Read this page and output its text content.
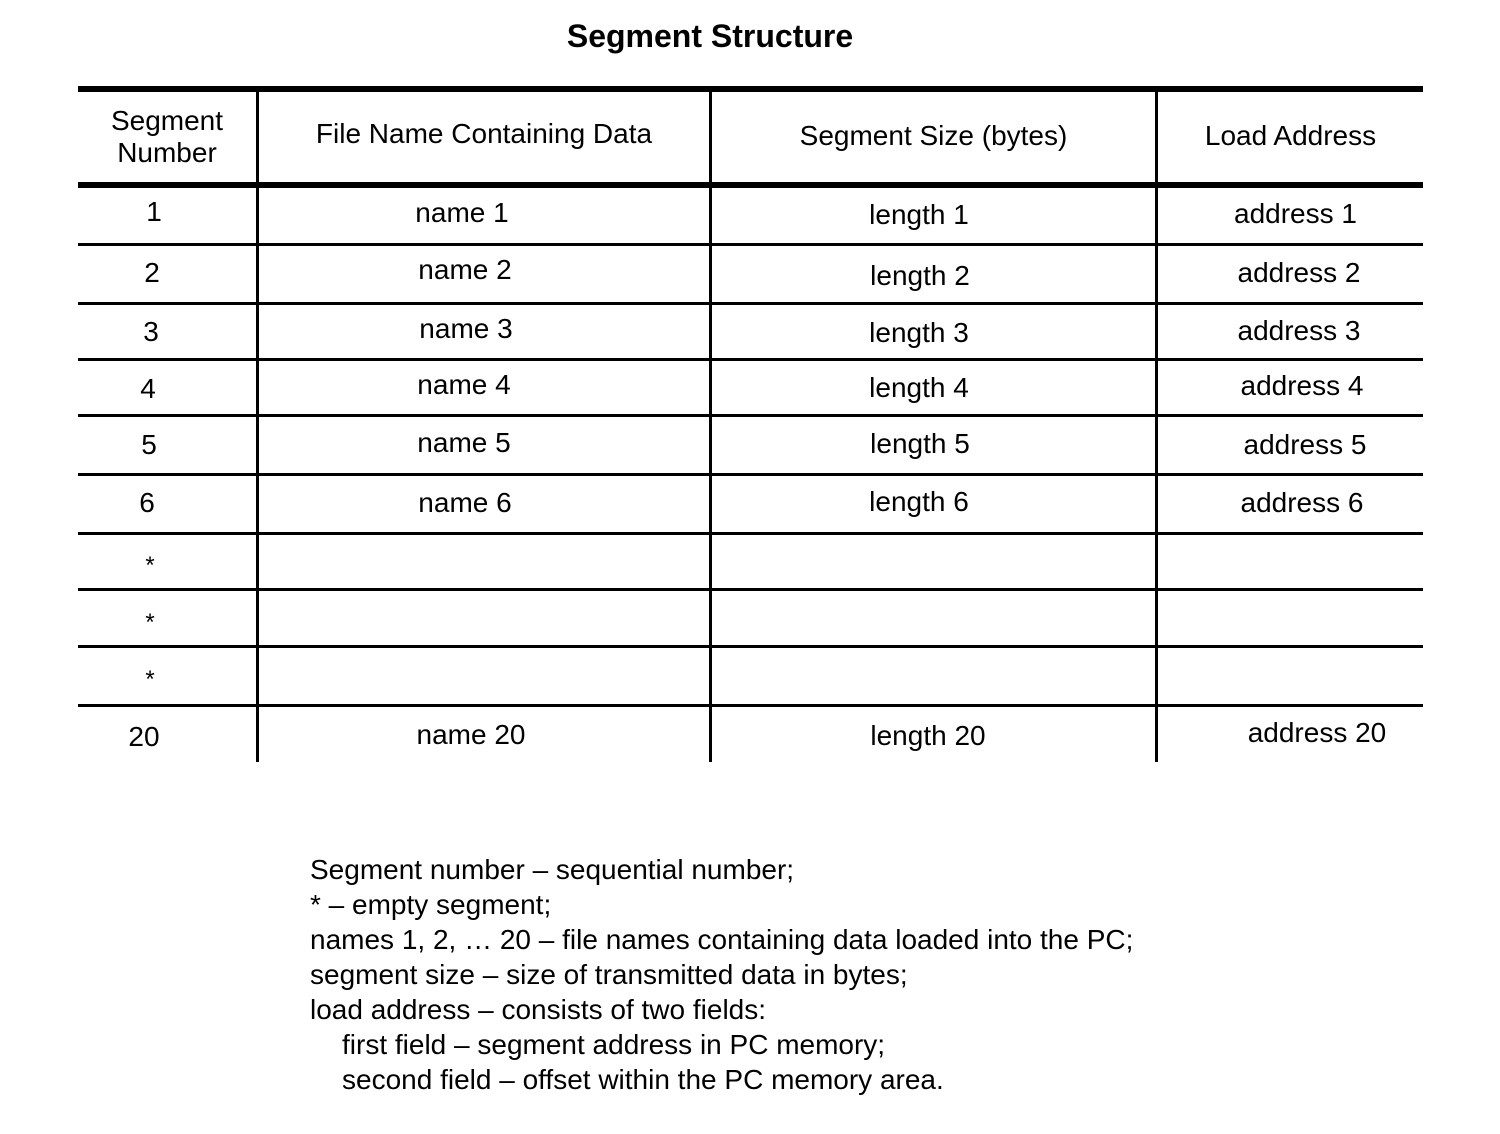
Segment Structure
Segment
Number
File Name Containing Data	Segment Size (bytes)	Load Address
1	name 1	length 1	address 1
2	name 2	length 2	address 2
3	name 3	length 3	address 3
4	name 4	length 4	address 4
5	name 5	length 5	address 5
6	name 6	length 6	address 6
*
*
*
20	name 20	length 20	address 20
Segment number – sequential number;
* – empty segment;
names 1, 2, … 20 – file names containing data loaded into the PC;
segment size – size of transmitted data in bytes;
load address – consists of two fields:
first field – segment address in PC memory;
second field – offset within the PC memory area.
